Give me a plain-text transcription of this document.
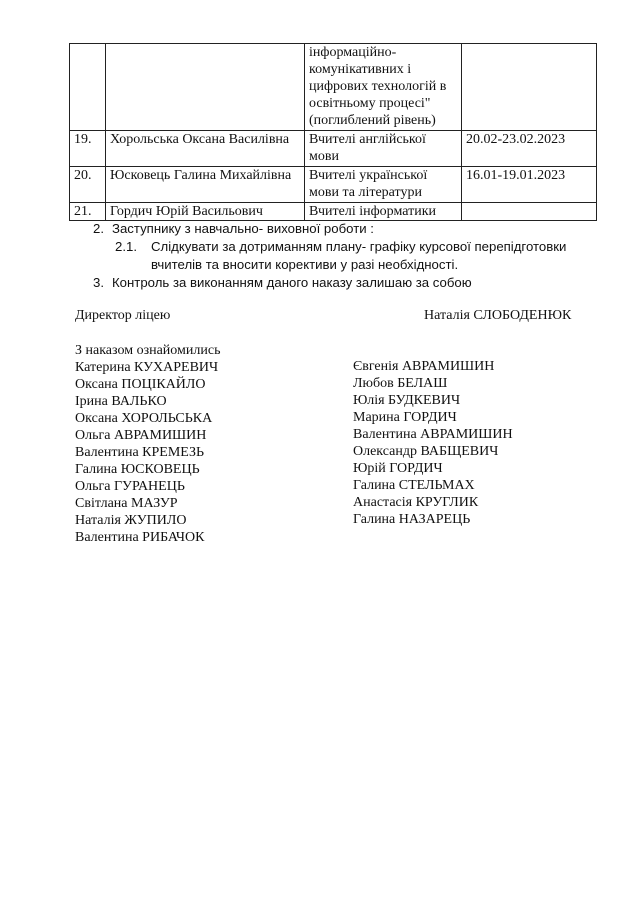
		інформаційно-комунікативних і цифрових технологій в освітньому процесі" (поглиблений рівень)	
19.	Хорольська Оксана Василівна	Вчителі англійської мови	20.02-23.02.2023
20.	Юсковець Галина Михайлівна	Вчителі української мови та літератури	16.01-19.01.2023
21.	Гордич Юрій Васильович	Вчителі інформатики	
2. Заступнику з навчально- виховної роботи :
2.1. Слідкувати за дотриманням плану- графіку курсової перепідготовки
вчителів та вносити корективи у разі необхідності.
3. Контроль за виконанням даного наказу залишаю за собою
Директор ліцею	Наталія СЛОБОДЕНЮК
З наказом ознайомились
Катерина КУХАРЕВИЧ
Оксана ПОЦІКАЙЛО
Ірина ВАЛЬКО
Оксана ХОРОЛЬСЬКА
Ольга АВРАМИШИН
Валентина КРЕМЕЗЬ
Галина ЮСКОВЕЦЬ
Ольга ГУРАНЕЦЬ
Світлана МАЗУР
Наталія ЖУПИЛО
Валентина РИБАЧОК
Євгенія АВРАМИШИН
Любов БЕЛАШ
Юлія БУДКЕВИЧ
Марина ГОРДИЧ
Валентина АВРАМИШИН
Олександр ВАБЩЕВИЧ
Юрій ГОРДИЧ
Галина СТЕЛЬМАХ
Анастасія КРУГЛИК
Галина НАЗАРЕЦЬ
